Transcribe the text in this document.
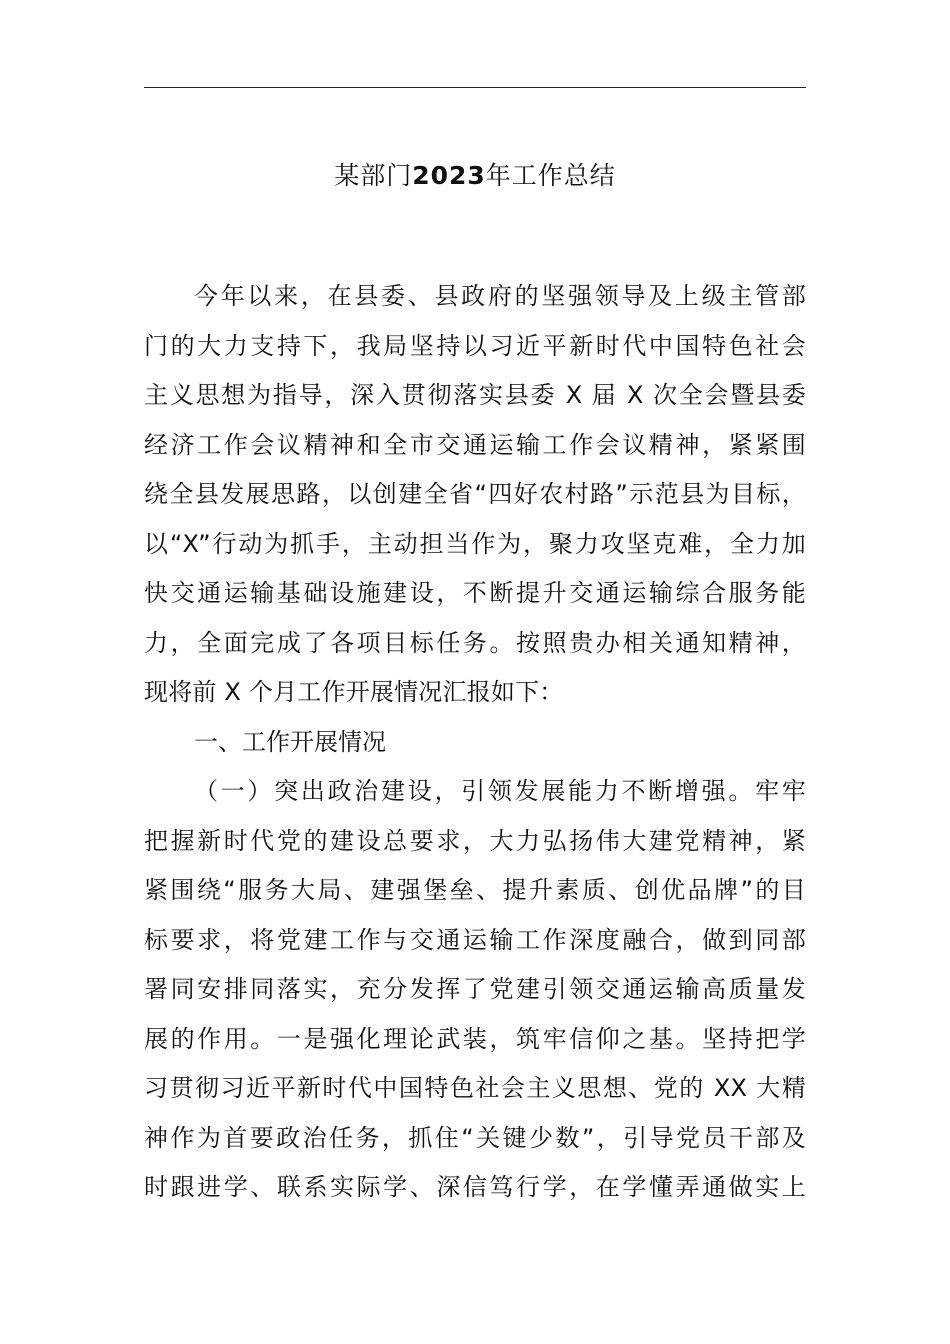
某部门2023年工作总结

今年以来，在县委、县政府的坚强领导及上级主管部
门的大力支持下，我局坚持以习近平新时代中国特色社会
主义思想为指导，深入贯彻落实县委 X 届 X 次全会暨县委
经济工作会议精神和全市交通运输工作会议精神，紧紧围
绕全县发展思路，以创建全省“四好农村路”示范县为目标，
以“X”行动为抓手，主动担当作为，聚力攻坚克难，全力加
快交通运输基础设施建设，不断提升交通运输综合服务能
力，全面完成了各项目标任务。按照贵办相关通知精神，
现将前 X 个月工作开展情况汇报如下：

一、工作开展情况

（一）突出政治建设，引领发展能力不断增强。牢牢
把握新时代党的建设总要求，大力弘扬伟大建党精神，紧
紧围绕“服务大局、建强堡垒、提升素质、创优品牌”的目
标要求，将党建工作与交通运输工作深度融合，做到同部
署同安排同落实，充分发挥了党建引领交通运输高质量发
展的作用。一是强化理论武装，筑牢信仰之基。坚持把学
习贯彻习近平新时代中国特色社会主义思想、党的 XX 大精
神作为首要政治任务，抓住“关键少数”，引导党员干部及
时跟进学、联系实际学、深信笃行学，在学懂弄通做实上
